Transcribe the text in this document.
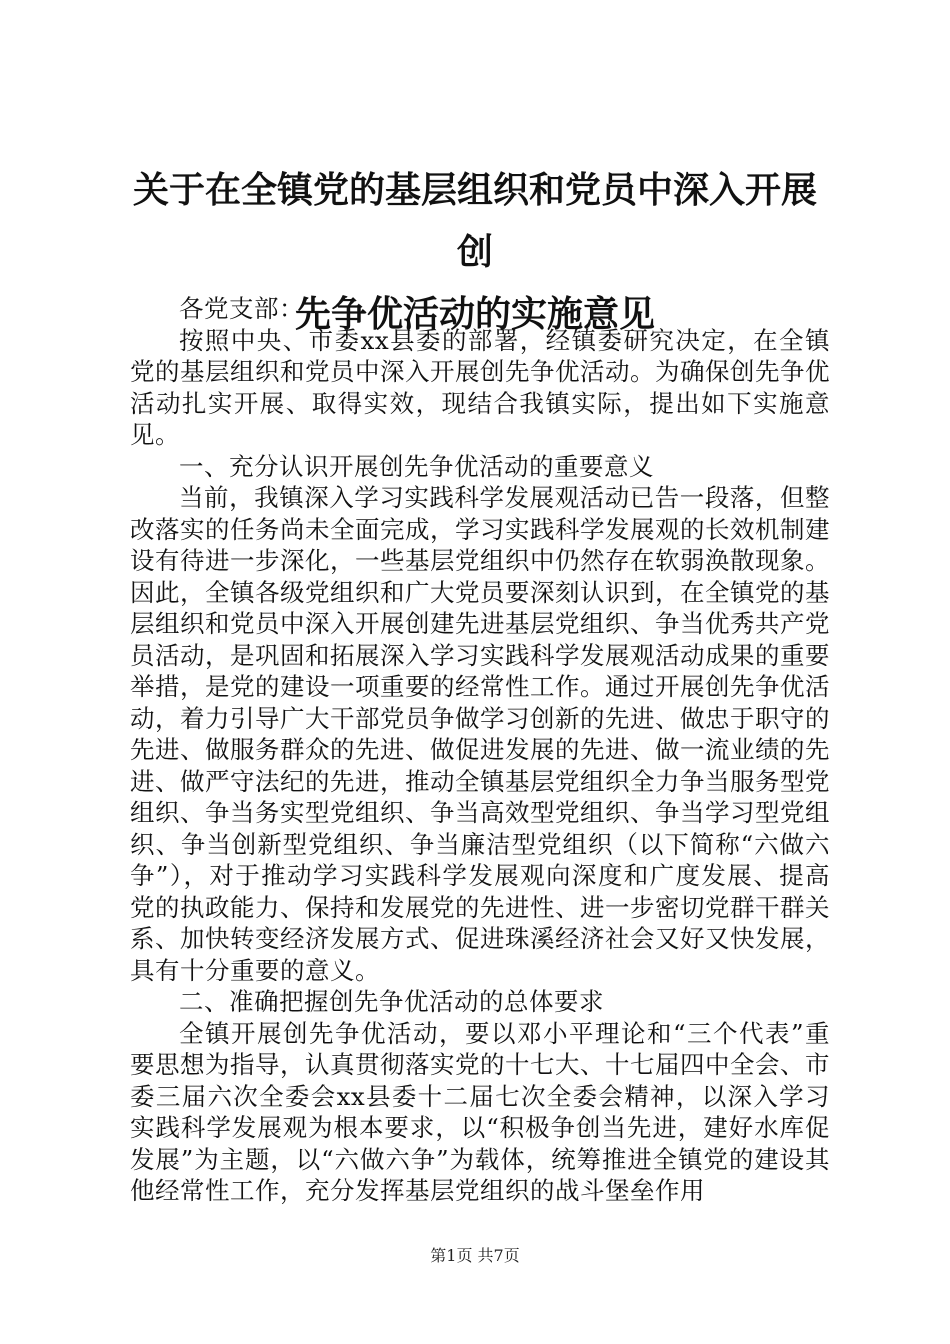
关于在全镇党的基层组织和党员中深入开展创
先争优活动的实施意见

各党支部：

按照中央、市委xx县委的部署，经镇委研究决定，在全镇党的基层组织和党员中深入开展创先争优活动。为确保创先争优活动扎实开展、取得实效，现结合我镇实际，提出如下实施意见。

一、充分认识开展创先争优活动的重要意义

当前，我镇深入学习实践科学发展观活动已告一段落，但整改落实的任务尚未全面完成，学习实践科学发展观的长效机制建设有待进一步深化，一些基层党组织中仍然存在软弱涣散现象。因此，全镇各级党组织和广大党员要深刻认识到，在全镇党的基层组织和党员中深入开展创建先进基层党组织、争当优秀共产党员活动，是巩固和拓展深入学习实践科学发展观活动成果的重要举措，是党的建设一项重要的经常性工作。通过开展创先争优活动，着力引导广大干部党员争做学习创新的先进、做忠于职守的先进、做服务群众的先进、做促进发展的先进、做一流业绩的先进、做严守法纪的先进，推动全镇基层党组织全力争当服务型党组织、争当务实型党组织、争当高效型党组织、争当学习型党组织、争当创新型党组织、争当廉洁型党组织（以下简称“六做六争”），对于推动学习实践科学发展观向深度和广度发展、提高党的执政能力、保持和发展党的先进性、进一步密切党群干群关系、加快转变经济发展方式、促进珠溪经济社会又好又快发展，具有十分重要的意义。

二、准确把握创先争优活动的总体要求

全镇开展创先争优活动，要以邓小平理论和“三个代表”重要思想为指导，认真贯彻落实党的十七大、十七届四中全会、市委三届六次全委会xx县委十二届七次全委会精神，以深入学习实践科学发展观为根本要求，以“积极争创当先进，建好水库促发展”为主题，以“六做六争”为载体，统筹推进全镇党的建设其他经常性工作，充分发挥基层党组织的战斗堡垒作用

第1页 共7页
